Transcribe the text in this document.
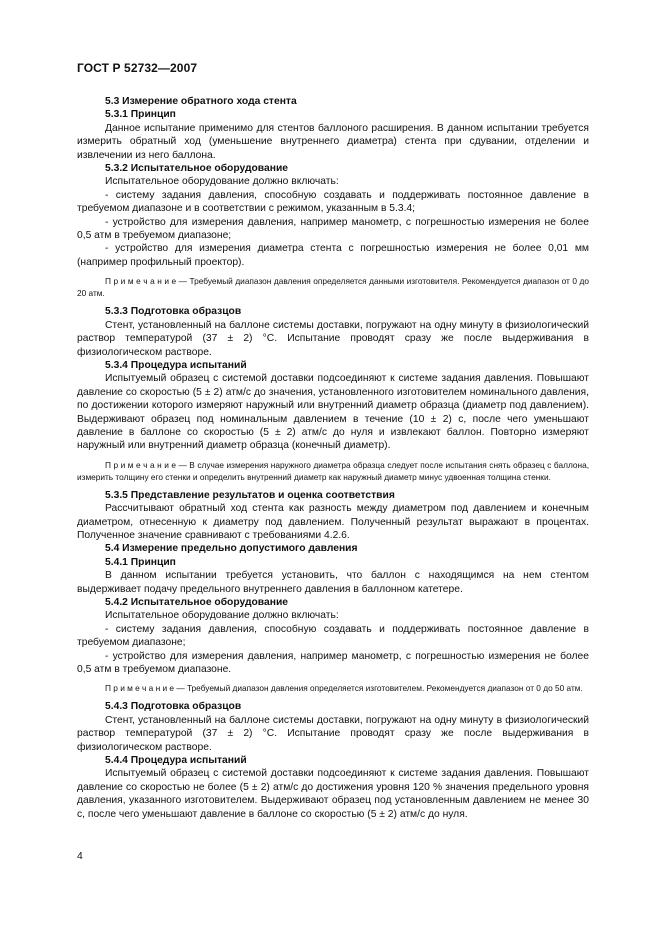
ГОСТ Р 52732—2007

5.3 Измерение обратного хода стента

5.3.1 Принцип

Данное испытание применимо для стентов баллоного расширения. В данном испытании требуется измерить обратный ход (уменьшение внутреннего диаметра) стента при сдувании, отделении и извлечении из него баллона.

5.3.2 Испытательное оборудование

Испытательное оборудование должно включать:

- систему задания давления, способную создавать и поддерживать постоянное давление в требуемом диапазоне и в соответствии с режимом, указанным в 5.3.4;

- устройство для измерения давления, например манометр, с погрешностью измерения не более 0,5 атм в требуемом диапазоне;

- устройство для измерения диаметра стента с погрешностью измерения не более 0,01 мм (например профильный проектор).

П р и м е ч а н и е — Требуемый диапазон давления определяется данными изготовителя. Рекомендуется диапазон от 0 до 20 атм.

5.3.3 Подготовка образцов

Стент, установленный на баллоне системы доставки, погружают на одну минуту в физиологический раствор температурой (37 ± 2) °С. Испытание проводят сразу же после выдерживания в физиологическом растворе.

5.3.4 Процедура испытаний

Испытуемый образец с системой доставки подсоединяют к системе задания давления. Повышают давление со скоростью (5 ± 2) атм/с до значения, установленного изготовителем номинального давления, по достижении которого измеряют наружный или внутренний диаметр образца (диаметр под давлением). Выдерживают образец под номинальным давлением в течение (10 ± 2) с, после чего уменьшают давление в баллоне со скоростью (5 ± 2) атм/с до нуля и извлекают баллон. Повторно измеряют наружный или внутренний диаметр образца (конечный диаметр).

П р и м е ч а н и е — В случае измерения наружного диаметра образца следует после испытания снять образец с баллона, измерить толщину его стенки и определить внутренний диаметр как наружный диаметр минус удвоенная толщина стенки.

5.3.5 Представление результатов и оценка соответствия

Рассчитывают обратный ход стента как разность между диаметром под давлением и конечным диаметром, отнесенную к диаметру под давлением. Полученный результат выражают в процентах. Полученное значение сравнивают с требованиями 4.2.6.

5.4 Измерение предельно допустимого давления

5.4.1 Принцип

В данном испытании требуется установить, что баллон с находящимся на нем стентом выдерживает подачу предельного внутреннего давления в баллонном катетере.

5.4.2 Испытательное оборудование

Испытательное оборудование должно включать:

- систему задания давления, способную создавать и поддерживать постоянное давление в требуемом диапазоне;

- устройство для измерения давления, например манометр, с погрешностью измерения не более 0,5 атм в требуемом диапазоне.

П р и м е ч а н и е — Требуемый диапазон давления определяется изготовителем. Рекомендуется диапазон от 0 до 50 атм.

5.4.3 Подготовка образцов

Стент, установленный на баллоне системы доставки, погружают на одну минуту в физиологический раствор температурой (37 ± 2) °С. Испытание проводят сразу же после выдерживания в физиологическом растворе.

5.4.4 Процедура испытаний

Испытуемый образец с системой доставки подсоединяют к системе задания давления. Повышают давление со скоростью не более (5 ± 2) атм/с до достижения уровня 120 % значения предельного уровня давления, указанного изготовителем. Выдерживают образец под установленным давлением не менее 30 с, после чего уменьшают давление в баллоне со скоростью (5 ± 2) атм/с до нуля.

4
